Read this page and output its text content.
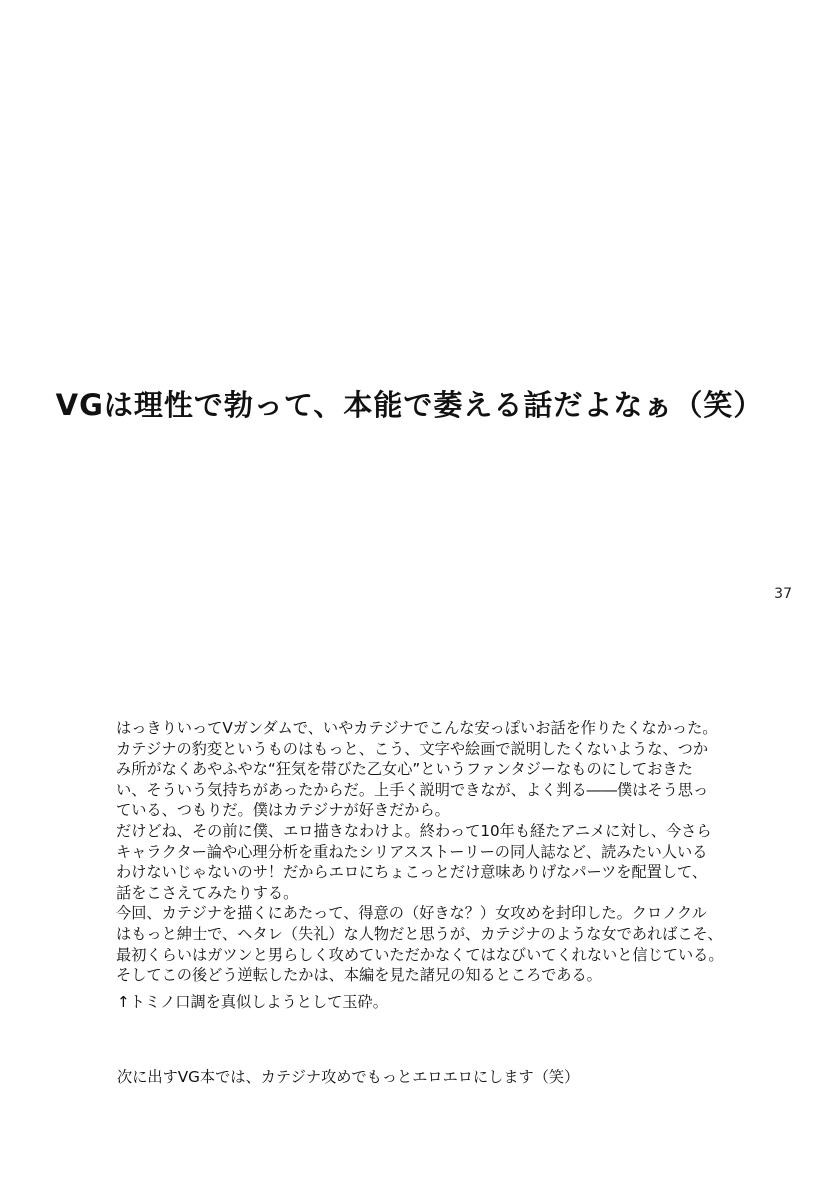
VGは理性で勃って、本能で萎える話だよなぁ（笑）
37
はっきりいってVガンダムで、いやカテジナでこんな安っぽいお話を作りたくなかった。
カテジナの豹変というものはもっと、こう、文字や絵画で説明したくないような、つか
み所がなくあやふやな“狂気を帯びた乙女心”というファンタジーなものにしておきた
い、そういう気持ちがあったからだ。上手く説明できなが、よく判る――僕はそう思っ
ている、つもりだ。僕はカテジナが好きだから。
だけどね、その前に僕、エロ描きなわけよ。終わって10年も経たアニメに対し、今さら
キャラクター論や心理分析を重ねたシリアスストーリーの同人誌など、読みたい人いる
わけないじゃないのサ！だからエロにちょこっとだけ意味ありげなパーツを配置して、
話をこさえてみたりする。
今回、カテジナを描くにあたって、得意の（好きな？）女攻めを封印した。クロノクル
はもっと紳士で、ヘタレ（失礼）な人物だと思うが、カテジナのような女であればこそ、
最初くらいはガツンと男らしく攻めていただかなくてはなびいてくれないと信じている。
そしてこの後どう逆転したかは、本編を見た諸兄の知るところである。
↑トミノ口調を真似しようとして玉砕。
次に出すVG本では、カテジナ攻めでもっとエロエロにします（笑）
